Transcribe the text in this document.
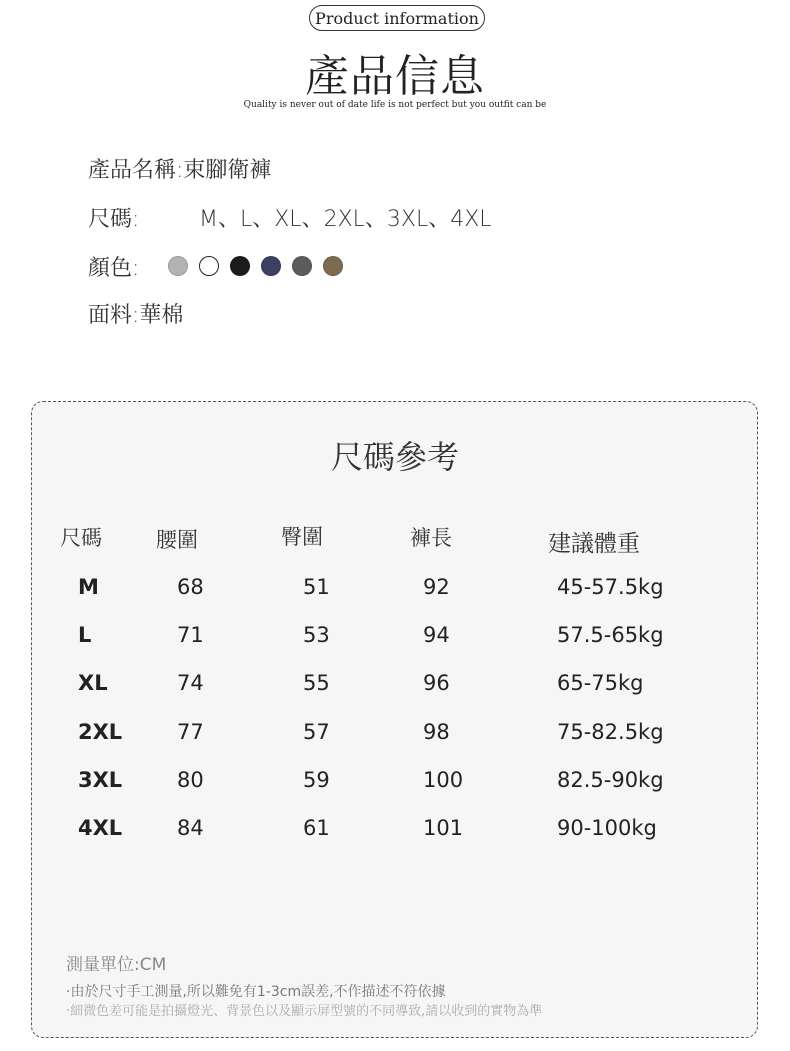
Product information
產品信息
Quality is never out of date life is not perfect but you outfit can be
產品名稱:束腳衛褲
尺碼:	M、L、XL、2XL、3XL、4XL
顏色:
面料:華棉
尺碼參考
尺碼	腰圍	臀圍	褲長	建議體重
M	68	51	92	45-57.5kg
L	71	53	94	57.5-65kg
XL	74	55	96	65-75kg
2XL	77	57	98	75-82.5kg
3XL	80	59	100	82.5-90kg
4XL	84	61	101	90-100kg
測量單位:CM
·由於尺寸手工測量,所以難免有1-3cm誤差,不作描述不符依據
·細微色差可能是拍攝燈光、背景色以及顯示屏型號的不同導致,請以收到的實物為準
